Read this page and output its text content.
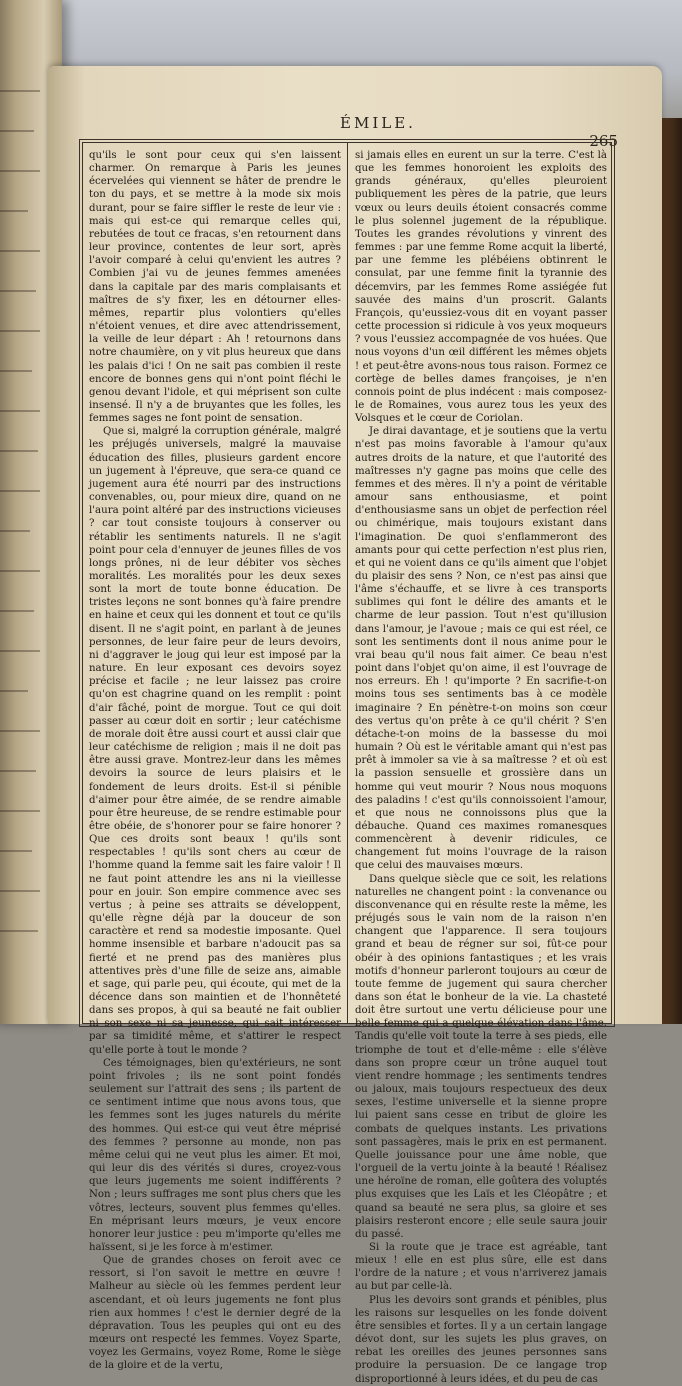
ÉMILE.
265

qu'ils le sont pour ceux qui s'en laissent charmer. On remarque à Paris les jeunes écervelées qui viennent se hâter de prendre le ton du pays, et se mettre à la mode six mois durant, pour se faire siffler le reste de leur vie : mais qui est-ce qui remarque celles qui, rebutées de tout ce fracas, s'en retournent dans leur province, contentes de leur sort, après l'avoir comparé à celui qu'envient les autres ? Combien j'ai vu de jeunes femmes amenées dans la capitale par des maris complaisants et maîtres de s'y fixer, les en détourner elles-mêmes, repartir plus volontiers qu'elles n'étoient venues, et dire avec attendrissement, la veille de leur départ : Ah ! retournons dans notre chaumière, on y vit plus heureux que dans les palais d'ici ! On ne sait pas combien il reste encore de bonnes gens qui n'ont point fléchi le genou devant l'idole, et qui méprisent son culte insensé. Il n'y a de bruyantes que les folles, les femmes sages ne font point de sensation.

Que si, malgré la corruption générale, malgré les préjugés universels, malgré la mauvaise éducation des filles, plusieurs gardent encore un jugement à l'épreuve, que sera-ce quand ce jugement aura été nourri par des instructions convenables, ou, pour mieux dire, quand on ne l'aura point altéré par des instructions vicieuses ? car tout consiste toujours à conserver ou rétablir les sentiments naturels. Il ne s'agit point pour cela d'ennuyer de jeunes filles de vos longs prônes, ni de leur débiter vos sèches moralités. Les moralités pour les deux sexes sont la mort de toute bonne éducation. De tristes leçons ne sont bonnes qu'à faire prendre en haine et ceux qui les donnent et tout ce qu'ils disent. Il ne s'agit point, en parlant à de jeunes personnes, de leur faire peur de leurs devoirs, ni d'aggraver le joug qui leur est imposé par la nature. En leur exposant ces devoirs soyez précise et facile ; ne leur laissez pas croire qu'on est chagrine quand on les remplit : point d'air fâché, point de morgue. Tout ce qui doit passer au cœur doit en sortir ; leur catéchisme de morale doit être aussi court et aussi clair que leur catéchisme de religion ; mais il ne doit pas être aussi grave. Montrez-leur dans les mêmes devoirs la source de leurs plaisirs et le fondement de leurs droits. Est-il si pénible d'aimer pour être aimée, de se rendre aimable pour être heureuse, de se rendre estimable pour être obéie, de s'honorer pour se faire honorer ? Que ces droits sont beaux ! qu'ils sont respectables ! qu'ils sont chers au cœur de l'homme quand la femme sait les faire valoir ! Il ne faut point attendre les ans ni la vieillesse pour en jouir. Son empire commence avec ses vertus ; à peine ses attraits se développent, qu'elle règne déjà par la douceur de son caractère et rend sa modestie imposante. Quel homme insensible et barbare n'adoucit pas sa fierté et ne prend pas des manières plus attentives près d'une fille de seize ans, aimable et sage, qui parle peu, qui écoute, qui met de la décence dans son maintien et de l'honnêteté dans ses propos, à qui sa beauté ne fait oublier ni son sexe ni sa jeunesse, qui sait intéresser par sa timidité même, et s'attirer le respect qu'elle porte à tout le monde ?

Ces témoignages, bien qu'extérieurs, ne sont point frivoles ; ils ne sont point fondés seulement sur l'attrait des sens ; ils partent de ce sentiment intime que nous avons tous, que les femmes sont les juges naturels du mérite des hommes. Qui est-ce qui veut être méprisé des femmes ? personne au monde, non pas même celui qui ne veut plus les aimer. Et moi, qui leur dis des vérités si dures, croyez-vous que leurs jugements me soient indifférents ? Non ; leurs suffrages me sont plus chers que les vôtres, lecteurs, souvent plus femmes qu'elles. En méprisant leurs mœurs, je veux encore honorer leur justice : peu m'importe qu'elles me haïssent, si je les force à m'estimer.

Que de grandes choses on feroit avec ce ressort, si l'on savoit le mettre en œuvre ! Malheur au siècle où les femmes perdent leur ascendant, et où leurs jugements ne font plus rien aux hommes ! c'est le dernier degré de la dépravation. Tous les peuples qui ont eu des mœurs ont respecté les femmes. Voyez Sparte, voyez les Germains, voyez Rome, Rome le siège de la gloire et de la vertu,

si jamais elles en eurent un sur la terre. C'est là que les femmes honoroient les exploits des grands généraux, qu'elles pleuroient publiquement les pères de la patrie, que leurs vœux ou leurs deuils étoient consacrés comme le plus solennel jugement de la république. Toutes les grandes révolutions y vinrent des femmes : par une femme Rome acquit la liberté, par une femme les plébéiens obtinrent le consulat, par une femme finit la tyrannie des décemvirs, par les femmes Rome assiégée fut sauvée des mains d'un proscrit. Galants François, qu'eussiez-vous dit en voyant passer cette procession si ridicule à vos yeux moqueurs ? vous l'eussiez accompagnée de vos huées. Que nous voyons d'un œil différent les mêmes objets ! et peut-être avons-nous tous raison. Formez ce cortège de belles dames françoises, je n'en connois point de plus indécent : mais composez-le de Romaines, vous aurez tous les yeux des Volsques et le cœur de Coriolan.

Je dirai davantage, et je soutiens que la vertu n'est pas moins favorable à l'amour qu'aux autres droits de la nature, et que l'autorité des maîtresses n'y gagne pas moins que celle des femmes et des mères. Il n'y a point de véritable amour sans enthousiasme, et point d'enthousiasme sans un objet de perfection réel ou chimérique, mais toujours existant dans l'imagination. De quoi s'enflammeront des amants pour qui cette perfection n'est plus rien, et qui ne voient dans ce qu'ils aiment que l'objet du plaisir des sens ? Non, ce n'est pas ainsi que l'âme s'échauffe, et se livre à ces transports sublimes qui font le délire des amants et le charme de leur passion. Tout n'est qu'illusion dans l'amour, je l'avoue ; mais ce qui est réel, ce sont les sentiments dont il nous anime pour le vrai beau qu'il nous fait aimer. Ce beau n'est point dans l'objet qu'on aime, il est l'ouvrage de nos erreurs. Eh ! qu'importe ? En sacrifie-t-on moins tous ses sentiments bas à ce modèle imaginaire ? En pénètre-t-on moins son cœur des vertus qu'on prête à ce qu'il chérit ? S'en détache-t-on moins de la bassesse du moi humain ? Où est le véritable amant qui n'est pas prêt à immoler sa vie à sa maîtresse ? et où est la passion sensuelle et grossière dans un homme qui veut mourir ? Nous nous moquons des paladins ! c'est qu'ils connoissoient l'amour, et que nous ne connoissons plus que la débauche. Quand ces maximes romanesques commencèrent à devenir ridicules, ce changement fut moins l'ouvrage de la raison que celui des mauvaises mœurs.

Dans quelque siècle que ce soit, les relations naturelles ne changent point : la convenance ou disconvenance qui en résulte reste la même, les préjugés sous le vain nom de la raison n'en changent que l'apparence. Il sera toujours grand et beau de régner sur soi, fût-ce pour obéir à des opinions fantastiques ; et les vrais motifs d'honneur parleront toujours au cœur de toute femme de jugement qui saura chercher dans son état le bonheur de la vie. La chasteté doit être surtout une vertu délicieuse pour une belle femme qui a quelque élévation dans l'âme. Tandis qu'elle voit toute la terre à ses pieds, elle triomphe de tout et d'elle-même : elle s'élève dans son propre cœur un trône auquel tout vient rendre hommage ; les sentiments tendres ou jaloux, mais toujours respectueux des deux sexes, l'estime universelle et la sienne propre lui paient sans cesse en tribut de gloire les combats de quelques instants. Les privations sont passagères, mais le prix en est permanent. Quelle jouissance pour une âme noble, que l'orgueil de la vertu jointe à la beauté ! Réalisez une héroïne de roman, elle goûtera des voluptés plus exquises que les Laïs et les Cléopâtre ; et quand sa beauté ne sera plus, sa gloire et ses plaisirs resteront encore ; elle seule saura jouir du passé.

Si la route que je trace est agréable, tant mieux ! elle en est plus sûre, elle est dans l'ordre de la nature ; et vous n'arriverez jamais au but par celle-là.

Plus les devoirs sont grands et pénibles, plus les raisons sur lesquelles on les fonde doivent être sensibles et fortes. Il y a un certain langage dévot dont, sur les sujets les plus graves, on rebat les oreilles des jeunes personnes sans produire la persuasion. De ce langage trop disproportionné à leurs idées, et du peu de cas
